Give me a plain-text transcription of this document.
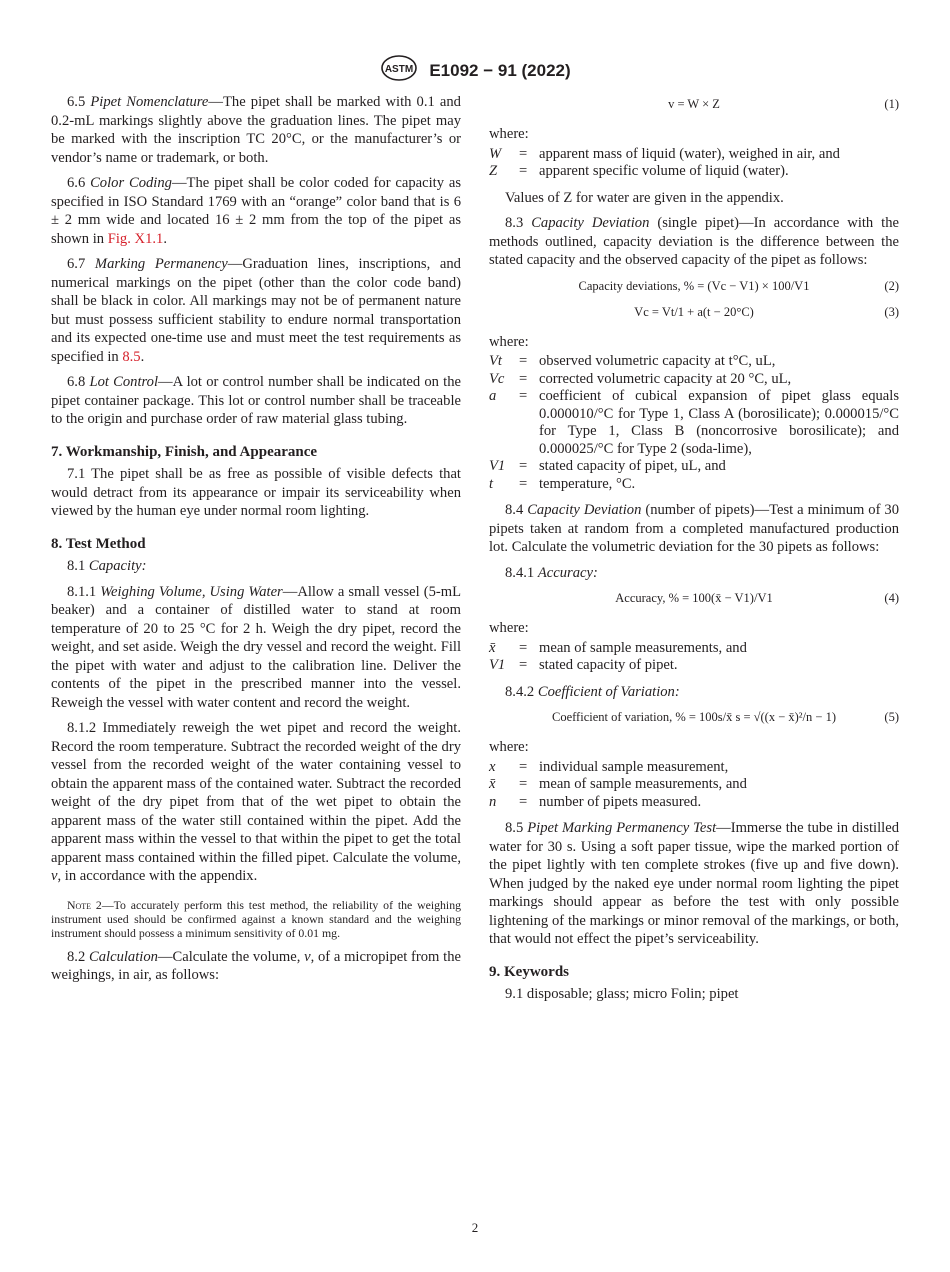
ASTM E1092 − 91 (2022)

6.5 Pipet Nomenclature—The pipet shall be marked with 0.1 and 0.2-mL markings slightly above the graduation lines. The pipet may be marked with the inscription TC 20°C, or the manufacturer’s or vendor’s name or trademark, or both.

6.6 Color Coding—The pipet shall be color coded for capacity as specified in ISO Standard 1769 with an “orange” color band that is 6 ± 2 mm wide and located 16 ± 2 mm from the top of the pipet as shown in Fig. X1.1.

6.7 Marking Permanency—Graduation lines, inscriptions, and numerical markings on the pipet (other than the color code band) shall be black in color. All markings may not be of permanent nature but must possess sufficient stability to endure normal transportation and its expected one-time use and must meet the test requirements as specified in 8.5.

6.8 Lot Control—A lot or control number shall be indicated on the pipet container package. This lot or control number shall be traceable to the origin and purchase order of raw material glass tubing.

7. Workmanship, Finish, and Appearance

7.1 The pipet shall be as free as possible of visible defects that would detract from its appearance or impair its serviceability when viewed by the human eye under normal room lighting.

8. Test Method

8.1 Capacity:

8.1.1 Weighing Volume, Using Water—Allow a small vessel (5-mL beaker) and a container of distilled water to stand at room temperature of 20 to 25 °C for 2 h. Weigh the dry pipet, record the weight, and set aside. Weigh the dry vessel and record the weight. Fill the pipet with water and adjust to the calibration line. Deliver the contents of the pipet in the prescribed manner into the vessel. Reweigh the vessel with water content and record the weight.

8.1.2 Immediately reweigh the wet pipet and record the weight. Record the room temperature. Subtract the recorded weight of the dry vessel from the recorded weight of the water containing vessel to obtain the apparent mass of the contained water. Subtract the recorded weight of the dry pipet from that of the wet pipet to obtain the apparent mass of the water still contained within the pipet. Add the apparent mass within the vessel to that within the pipet to get the total apparent mass contained within the filled pipet. Calculate the volume, v, in accordance with the appendix.

Note 2—To accurately perform this test method, the reliability of the weighing instrument used should be confirmed against a known standard and the weighing instrument should possess a minimum sensitivity of 0.01 mg.

8.2 Calculation—Calculate the volume, v, of a micropipet from the weighings, in air, as follows:

v = W × Z	(1)
where:
W	= apparent mass of liquid (water), weighed in air, and
Z	= apparent specific volume of liquid (water).

Values of Z for water are given in the appendix.

8.3 Capacity Deviation (single pipet)—In accordance with the methods outlined, capacity deviation is the difference between the stated capacity and the observed capacity of the pipet as follows:

Capacity deviations, % = (Vc − V1) × 100/V1	(2)
Vc = Vt/1 + a(t − 20°C)	(3)
where:
Vt	= observed volumetric capacity at t°C, uL,
Vc = corrected volumetric capacity at 20 °C, uL,
a	= coefficient of cubical expansion of pipet glass equals 0.000010/°C for Type 1, Class A (borosilicate); 0.000015/°C for Type 1, Class B (noncorrosive borosilicate); and 0.000025/°C for Type 2 (soda-lime),
V1 = stated capacity of pipet, uL, and
t	= temperature, °C.

8.4 Capacity Deviation (number of pipets)—Test a minimum of 30 pipets taken at random from a completed manufactured production lot. Calculate the volumetric deviation for the 30 pipets as follows:

8.4.1 Accuracy:

Accuracy, % = 100(x̄ − V1)/V1	(4)
where:
x̄	= mean of sample measurements, and
V1 = stated capacity of pipet.

8.4.2 Coefficient of Variation:

Coefficient of variation, % = 100s/x̄ s = √((x − x̄)²/n − 1)	(5)
where:
x	= individual sample measurement,
x̄	= mean of sample measurements, and
n	= number of pipets measured.

8.5 Pipet Marking Permanency Test—Immerse the tube in distilled water for 30 s. Using a soft paper tissue, wipe the marked portion of the pipet lightly with ten complete strokes (five up and five down). When judged by the naked eye under normal room lighting the pipet markings should appear as before the test with only possible lightening of the markings or minor removal of the markings, or both, that would not effect the pipet’s serviceability.

9. Keywords

9.1 disposable; glass; micro Folin; pipet

2
